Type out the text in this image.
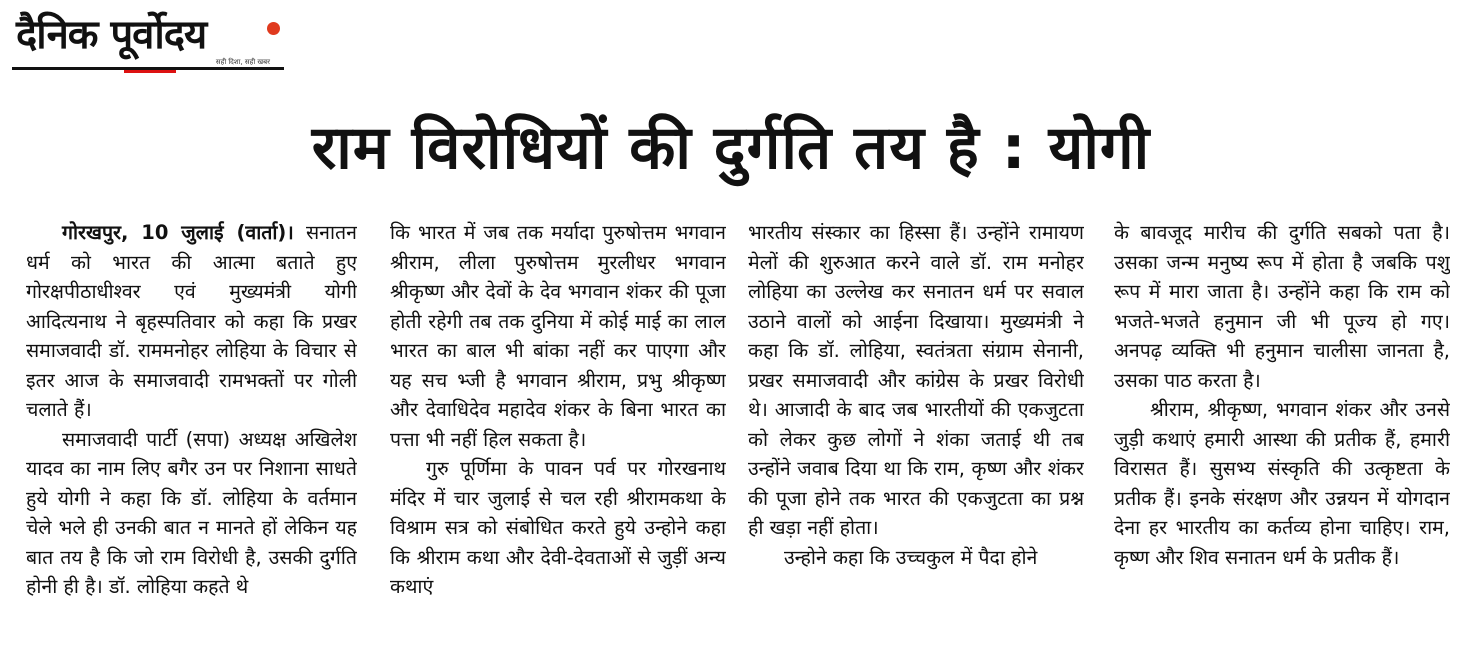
दैनिक पूर्वोदय
सही दिशा, सही खबर
राम विरोधियों की दुर्गति तय है : योगी

गोरखपुर, 10 जुलाई (वार्ता)। सनातन धर्म को भारत की आत्मा बताते हुए गोरक्षपीठाधीश्वर एवं मुख्यमंत्री योगी आदित्यनाथ ने बृहस्पतिवार को कहा कि प्रखर समाजवादी डॉ. राममनोहर लोहिया के विचार से इतर आज के समाजवादी रामभक्तों पर गोली चलाते हैं।

समाजवादी पार्टी (सपा) अध्यक्ष अखिलेश यादव का नाम लिए बगैर उन पर निशाना साधते हुये योगी ने कहा कि डॉ. लोहिया के वर्तमान चेले भले ही उनकी बात न मानते हों लेकिन यह बात तय है कि जो राम विरोधी है, उसकी दुर्गति होनी ही है। डॉ. लोहिया कहते थे

कि भारत में जब तक मर्यादा पुरुषोत्तम भगवान श्रीराम, लीला पुरुषोत्तम मुरलीधर भगवान श्रीकृष्ण और देवों के देव भगवान शंकर की पूजा होती रहेगी तब तक दुनिया में कोई माई का लाल भारत का बाल भी बांका नहीं कर पाएगा और यह सच भ्जी है भगवान श्रीराम, प्रभु श्रीकृष्ण और देवाधिदेव महादेव शंकर के बिना भारत का पत्ता भी नहीं हिल सकता है।

गुरु पूर्णिमा के पावन पर्व पर गोरखनाथ मंदिर में चार जुलाई से चल रही श्रीरामकथा के विश्राम सत्र को संबोधित करते हुये उन्होने कहा कि श्रीराम कथा और देवी-देवताओं से जुड़ीं अन्य कथाएं

भारतीय संस्कार का हिस्सा हैं। उन्होंने रामायण मेलों की शुरुआत करने वाले डॉ. राम मनोहर लोहिया का उल्लेख कर सनातन धर्म पर सवाल उठाने वालों को आईना दिखाया। मुख्यमंत्री ने कहा कि डॉ. लोहिया, स्वतंत्रता संग्राम सेनानी, प्रखर समाजवादी और कांग्रेस के प्रखर विरोधी थे। आजादी के बाद जब भारतीयों की एकजुटता को लेकर कुछ लोगों ने शंका जताई थी तब उन्होंने जवाब दिया था कि राम, कृष्ण और शंकर की पूजा होने तक भारत की एकजुटता का प्रश्न ही खड़ा नहीं होता।

उन्होने कहा कि उच्चकुल में पैदा होने

के बावजूद मारीच की दुर्गति सबको पता है। उसका जन्म मनुष्य रूप में होता है जबकि पशु रूप में मारा जाता है। उन्होंने कहा कि राम को भजते-भजते हनुमान जी भी पूज्य हो गए। अनपढ़ व्यक्ति भी हनुमान चालीसा जानता है, उसका पाठ करता है।

श्रीराम, श्रीकृष्ण, भगवान शंकर और उनसे जुड़ी कथाएं हमारी आस्था की प्रतीक हैं, हमारी विरासत हैं। सुसभ्य संस्कृति की उत्कृष्टता के प्रतीक हैं। इनके संरक्षण और उन्नयन में योगदान देना हर भारतीय का कर्तव्य होना चाहिए। राम, कृष्ण और शिव सनातन धर्म के प्रतीक हैं।
